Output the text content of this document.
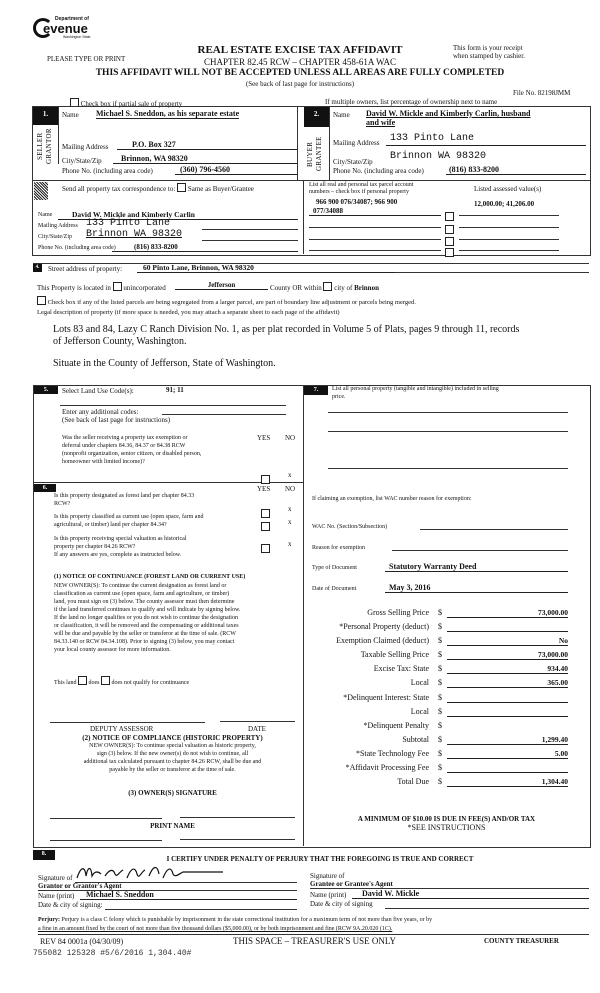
Department of
evenue
Washington State
PLEASE TYPE OR PRINT
REAL ESTATE EXCISE TAX AFFIDAVIT
CHAPTER 82.45 RCW – CHAPTER 458-61A WAC
This form is your receipt
when stamped by cashier.
THIS AFFIDAVIT WILL NOT BE ACCEPTED UNLESS ALL AREAS ARE FULLY COMPLETED
(See back of last page for instructions)
File No. 82198JMM
Check box if partial sale of property	If multiple owners, list percentage of ownership next to name
1.
SELLER GRANTOR
Name Michael S. Sneddon, as his separate estate
Mailing Address	P.O. Box 327
City/State/Zip	Brinnon, WA 98320
Phone No. (including area code)	(360) 796-4560
2.
BUYER GRANTEE
Name David W. Mickle and Kimberly Carlin, husband
and wife
Mailing Address	133 Pinto Lane
City/State/Zip Brinnon WA 98320
Phone No. (including area code)	(816) 833-8200
Send all property tax correspondence to: Same as Buyer/Grantee
Name	David W. Mickle and Kimberly Carlin
Mailing Address 133 Pinto Lane
City/State/Zip Brinnon WA 98320
Phone No. (including area code)	(816) 833-8200
List all real and personal tax parcel account
numbers – check box if personal property	Listed assessed value(s)
966 900 076/34087; 966 900	12,000.00; 41,206.00
077/34088
4.	Street address of property:	60 Pinto Lane, Brinnon, WA 98320
This Property is located in unincorporated	Jefferson	County OR within city of Brinnon
Check box if any of the listed parcels are being segregated from a larger parcel, are part of boundary line adjustment or parcels being merged.
Legal description of property (if more space is needed, you may attach a separate sheet to each page of the affidavit)
Lots 83 and 84, Lazy C Ranch Division No. 1, as per plat recorded in Volume 5 of Plats, pages 9 through 11, records
of Jefferson County, Washington.
Situate in the County of Jefferson, State of Washington.
5.	Select Land Use Code(s):	91; 11
Enter any additional codes:
(See back of last page for instructions)
YES NO
Was the seller receiving a property tax exemption or
deferral under chapters 84.36, 84.37 or 84.38 RCW
(nonprofit organization, senior citizen, or disabled person,
homeowner with limited income)?
x
6.	YES NO
Is this property designated as forest land per chapter 84.33
RCW?
x
Is this property classified as current use (open space, farm and
agricultural, or timber) land per chapter 84.34?	x
Is this property receiving special valuation as historical
property per chapter 84.26 RCW?	x
If any answers are yes, complete as instructed below.
(1) NOTICE OF CONTINUANCE (FOREST LAND OR CURRENT USE)
NEW OWNER(S): To continue the current designation as forest land or
classification as current use (open space, farm and agriculture, or timber)
land, you must sign on (3) below. The county assessor must then determine
if the land transferred continues to qualify and will indicate by signing below.
If the land no longer qualifies or you do not wish to continue the designation
or classification, it will be removed and the compensating or additional taxes
will be due and payable by the seller or transferor at the time of sale. (RCW
84.33.140 or RCW 84.34.108). Prior to signing (3) below, you may contact
your local county assessor for more information.
This land does does not qualify for continuance
DEPUTY ASSESSOR	DATE
(2) NOTICE OF COMPLIANCE (HISTORIC PROPERTY)
NEW OWNER(S): To continue special valuation as historic property,
sign (3) below. If the new owner(s) do not wish to continue, all
additional tax calculated pursuant to chapter 84.26 RCW, shall be due and
payable by the seller or transferor at the time of sale.
(3) OWNER(S) SIGNATURE
PRINT NAME
7.	List all personal property (tangible and intangible) included in selling
price.
If claiming an exemption, list WAC number reason for exemption:
WAC No. (Section/Subsection)
Reason for exemption
Type of Document	Statutory Warranty Deed
Date of Document	May 3, 2016
Gross Selling Price $	73,000.00
*Personal Property (deduct) $
Exemption Claimed (deduct) $	No
Taxable Selling Price $	73,000.00
Excise Tax: State $	934.40
Local $	365.00
*Delinquent Interest: State $
Local $
*Delinquent Penalty $
Subtotal $	1,299.40
*State Technology Fee $	5.00
*Affidavit Processing Fee $
Total Due $	1,304.40
A MINIMUM OF $10.00 IS DUE IN FEE(S) AND/OR TAX
*SEE INSTRUCTIONS
8.
I CERTIFY UNDER PENALTY OF PERJURY THAT THE FOREGOING IS TRUE AND CORRECT
Signature of
Grantor or Grantor's Agent
Name (print)	Michael S. Sneddon
Date & city of signing:
Signature of
Grantee or Grantee's Agent
Name (print)	David W. Mickle
Date & city of signing
Perjury: Perjury is a class C felony which is punishable by imprisonment in the state correctional institution for a maximum term of not more than five years, or by
a fine in an amount fixed by the court of not more than five thousand dollars ($5,000.00), or by both imprisonment and fine (RCW 9A.20.020 (1C).
REV 84 0001a (04/30/09)	THIS SPACE – TREASURER'S USE ONLY	COUNTY TREASURER
755082 125328 #5/6/2016 1,304.40#
